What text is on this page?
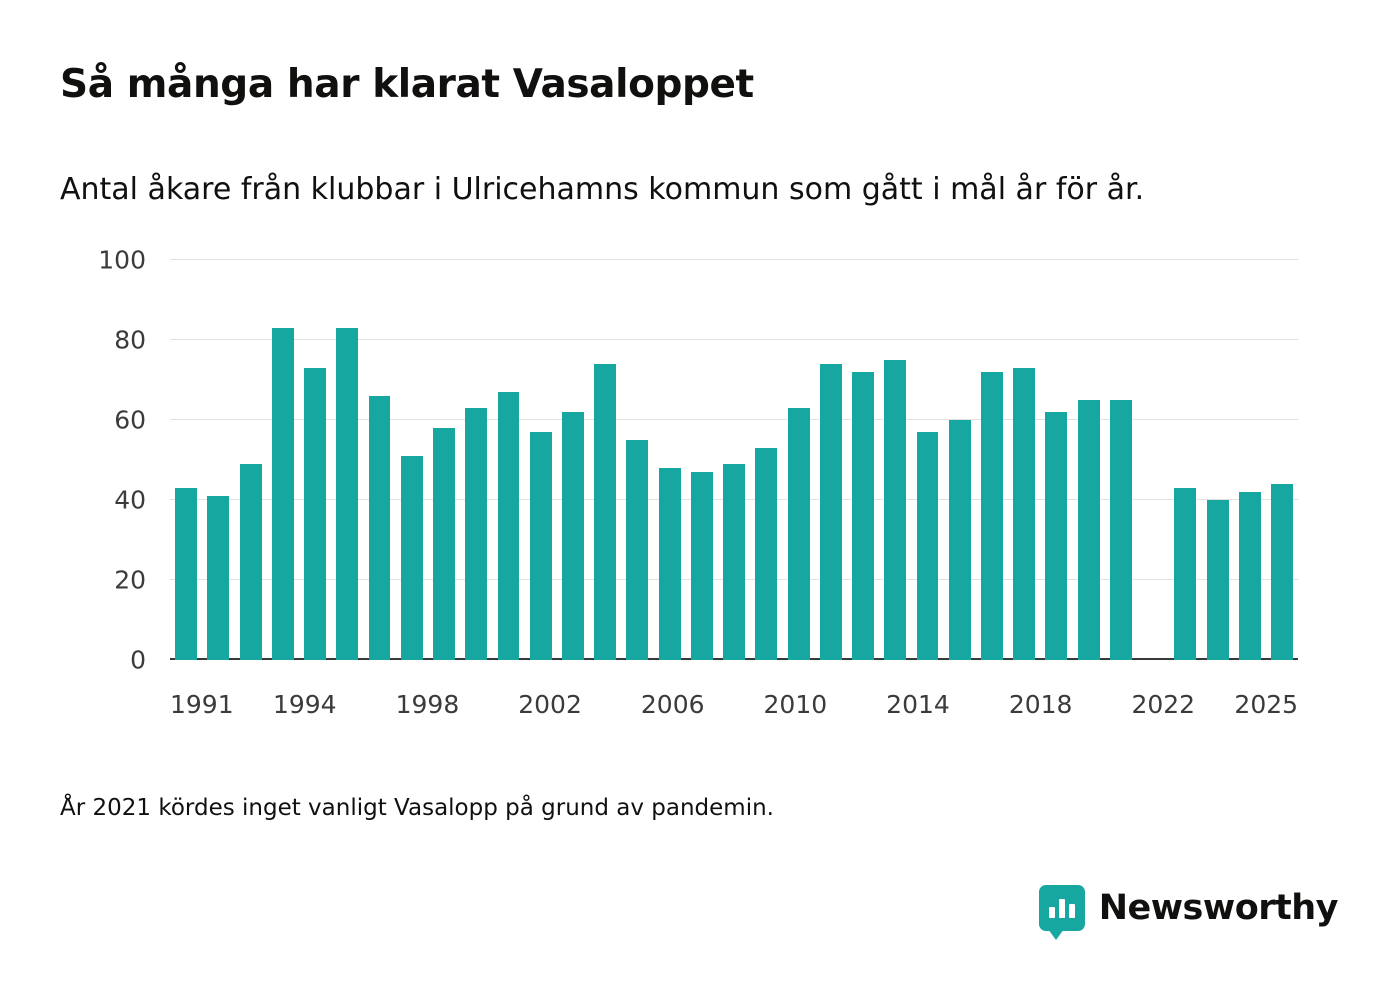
Så många har klarat Vasaloppet
Antal åkare från klubbar i Ulricehamns kommun som gått i mål år för år.
0
20
40
60
80
100
1991 1994 1998 2002 2006 2010 2014 2018 2022 2025
År 2021 kördes inget vanligt Vasalopp på grund av pandemin.
Newsworthy
